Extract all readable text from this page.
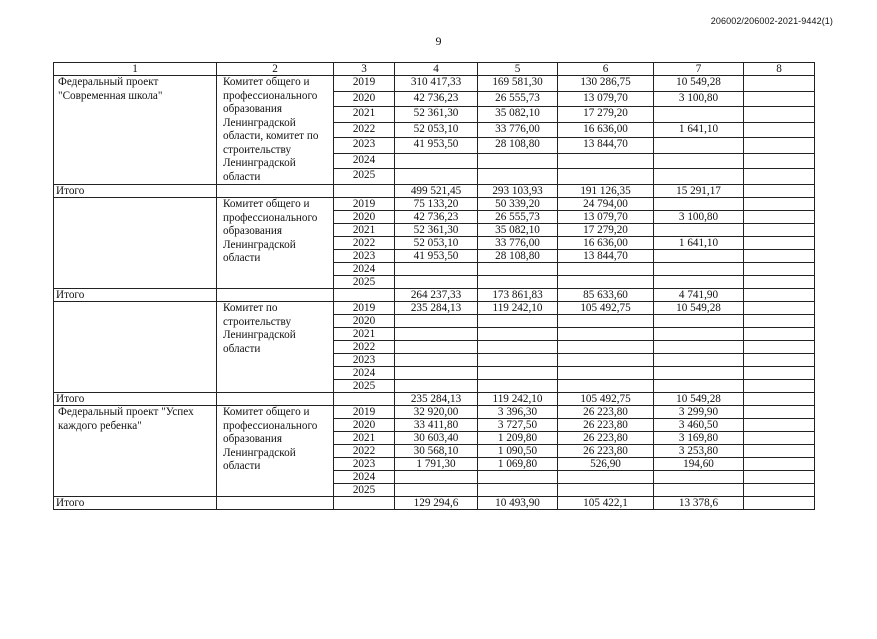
206002/206002-2021-9442(1)
9
1	2	3	4	5	6	7	8
Федеральный проект "Современная школа"	Комитет общего и профессионального образования Ленинградской области, комитет по строительству Ленинградской области	2019	310 417,33	169 581,30	130 286,75	10 549,28	
		2020	42 736,23	26 555,73	13 079,70	3 100,80	
		2021	52 361,30	35 082,10	17 279,20		
		2022	52 053,10	33 776,00	16 636,00	1 641,10	
		2023	41 953,50	28 108,80	13 844,70		
		2024					
		2025					
Итого			499 521,45	293 103,93	191 126,35	15 291,17	
	Комитет общего и профессионального образования Ленинградской области	2019	75 133,20	50 339,20	24 794,00		
		2020	42 736,23	26 555,73	13 079,70	3 100,80	
		2021	52 361,30	35 082,10	17 279,20		
		2022	52 053,10	33 776,00	16 636,00	1 641,10	
		2023	41 953,50	28 108,80	13 844,70		
		2024					
		2025					
Итого			264 237,33	173 861,83	85 633,60	4 741,90	
	Комитет по строительству Ленинградской области	2019	235 284,13	119 242,10	105 492,75	10 549,28	
		2020					
		2021					
		2022					
		2023					
		2024					
		2025					
Итого			235 284,13	119 242,10	105 492,75	10 549,28	
Федеральный проект "Успех каждого ребенка"	Комитет общего и профессионального образования Ленинградской области	2019	32 920,00	3 396,30	26 223,80	3 299,90	
		2020	33 411,80	3 727,50	26 223,80	3 460,50	
		2021	30 603,40	1 209,80	26 223,80	3 169,80	
		2022	30 568,10	1 090,50	26 223,80	3 253,80	
		2023	1 791,30	1 069,80	526,90	194,60	
		2024					
		2025					
Итого			129 294,6	10 493,90	105 422,1	13 378,6	
